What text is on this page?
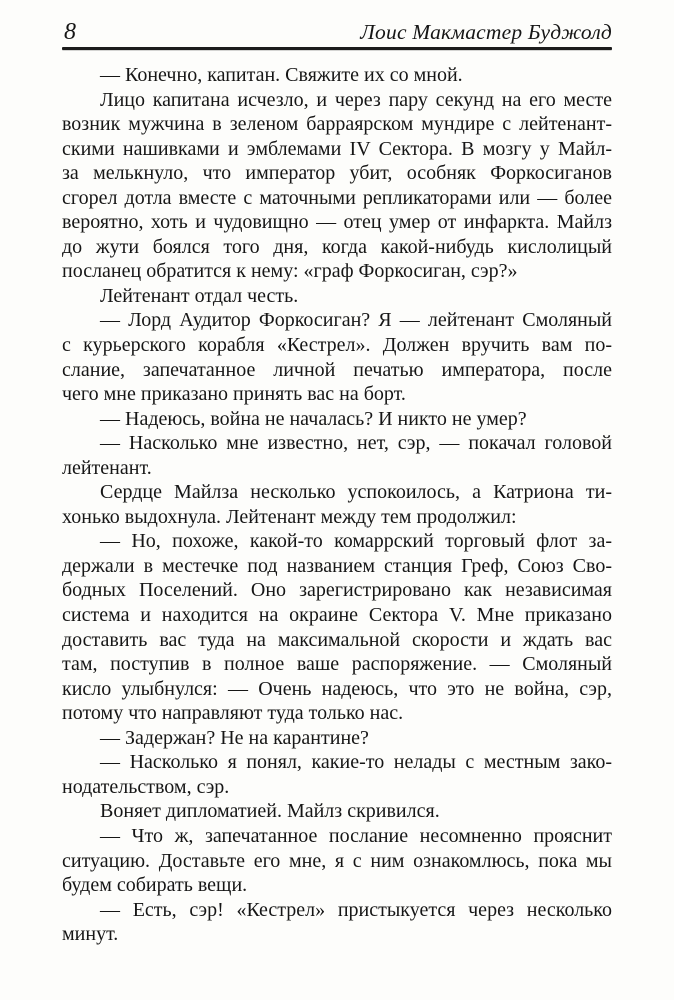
8	Лоис Макмастер Буджолд
— Конечно, капитан. Свяжите их со мной.
Лицо капитана исчезло, и через пару секунд на его месте
возник мужчина в зеленом барраярском мундире с лейтенант-
скими нашивками и эмблемами IV Сектора. В мозгу у Майл-
за мелькнуло, что император убит, особняк Форкосиганов
сгорел дотла вместе с маточными репликаторами или — более
вероятно, хоть и чудовищно — отец умер от инфаркта. Майлз
до жути боялся того дня, когда какой-нибудь кислолицый
посланец обратится к нему: «граф Форкосиган, сэр?»
Лейтенант отдал честь.
— Лорд Аудитор Форкосиган? Я — лейтенант Смоляный
с курьерского корабля «Кестрел». Должен вручить вам по-
слание, запечатанное личной печатью императора, после
чего мне приказано принять вас на борт.
— Надеюсь, война не началась? И никто не умер?
— Насколько мне известно, нет, сэр, — покачал головой
лейтенант.
Сердце Майлза несколько успокоилось, а Катриона ти-
хонько выдохнула. Лейтенант между тем продолжил:
— Но, похоже, какой-то комаррский торговый флот за-
держали в местечке под названием станция Греф, Союз Сво-
бодных Поселений. Оно зарегистрировано как независимая
система и находится на окраине Сектора V. Мне приказано
доставить вас туда на максимальной скорости и ждать вас
там, поступив в полное ваше распоряжение. — Смоляный
кисло улыбнулся: — Очень надеюсь, что это не война, сэр,
потому что направляют туда только нас.
— Задержан? Не на карантине?
— Насколько я понял, какие-то нелады с местным зако-
нодательством, сэр.
Воняет дипломатией. Майлз скривился.
— Что ж, запечатанное послание несомненно прояснит
ситуацию. Доставьте его мне, я с ним ознакомлюсь, пока мы
будем собирать вещи.
— Есть, сэр! «Кестрел» пристыкуется через несколько
минут.
